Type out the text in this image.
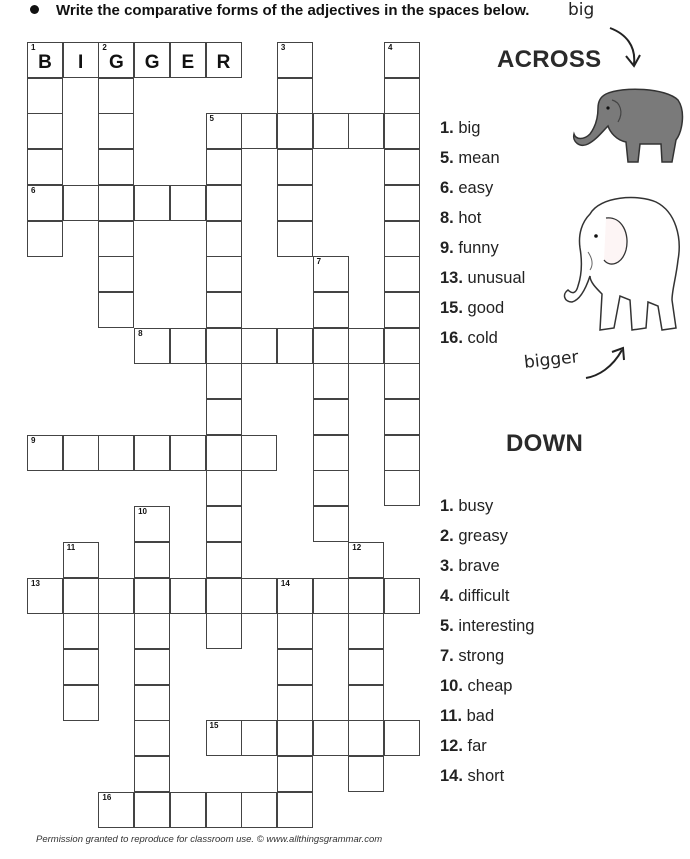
Write the comparative forms of the adjectives in the spaces below.
1
B	I
2
G	G	E	R
5
6
8
9
13	14
15
16
3	4
7
10
11	12
big
ACROSS
bigger
1. big
5. mean
6. easy
8. hot
9. funny
13. unusual
15. good
16. cold
DOWN
1. busy
2. greasy
3. brave
4. difficult
5. interesting
7. strong
10. cheap
11. bad
12. far
14. short
Permission granted to reproduce for classroom use. © www.allthingsgrammar.com
